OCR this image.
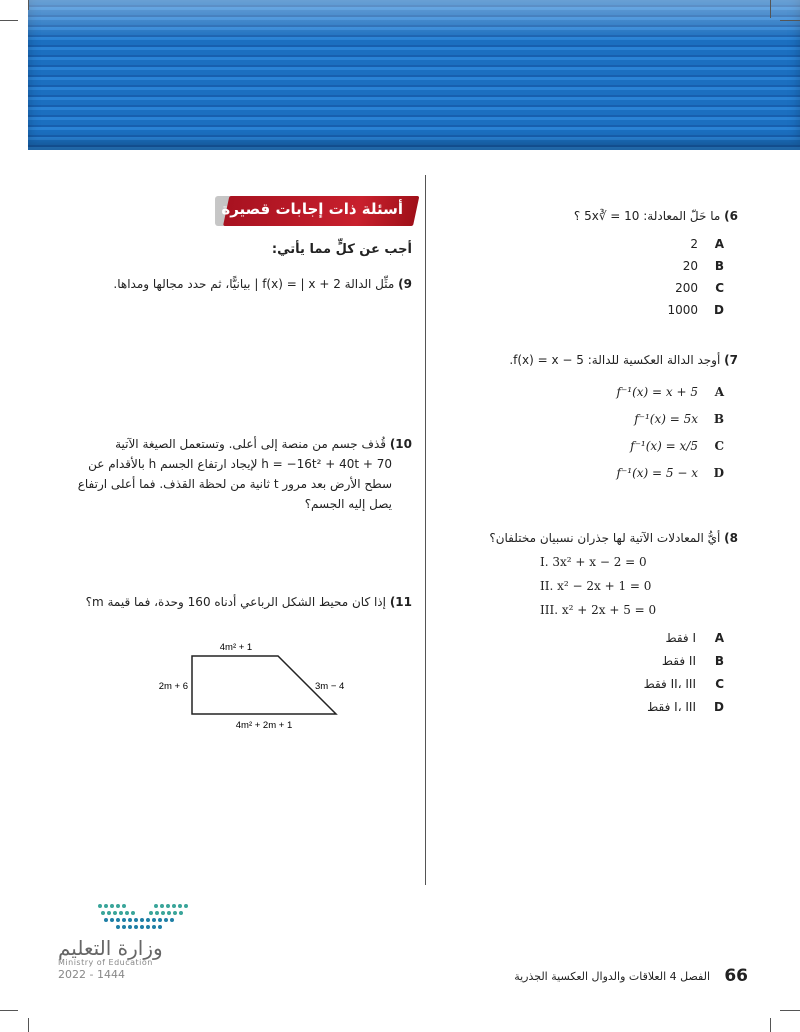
6) ما حَلّ المعادلة: 10 = ∛5x ؟
2	A
20	B
200	C
1000	D
7) أوجد الدالة العكسية للدالة: f(x) = x − 5.
f⁻¹(x) = x + 5	A
f⁻¹(x) = 5x	B
f⁻¹(x) = x/5	C
f⁻¹(x) = 5 − x	D
8) أيُّ المعادلات الآتية لها جذران نسبيان مختلفان؟
I. 3x² + x − 2 = 0
II. x² − 2x + 1 = 0
III. x² + 2x + 5 = 0
A
I فقط
B
II فقط
C
II، III فقط
D
I، III فقط
أسئلة ذات إجابات قصيرة
أجب عن كلٍّ مما يأتي:
9) مثِّل الدالة f(x) = | x + 2 | بيانيًّا، ثم حدد مجالها ومداها.
10) قُذف جسم من منصة إلى أعلى. وتستعمل الصيغة الآتية
h = −16t² + 40t + 70 لإيجاد ارتفاع الجسم h بالأقدام عن
سطح الأرض بعد مرور t ثانية من لحظة القذف. فما أعلى ارتفاع
يصل إليه الجسم؟
11) إذا كان محيط الشكل الرباعي أدناه 160 وحدة، فما قيمة m؟
4m² + 1
2m + 6	3m − 4
4m² + 2m + 1
وزارة التعليم
Ministry of Education
2022 - 1444	66
الفصل 4 العلاقات والدوال العكسية الجذرية
